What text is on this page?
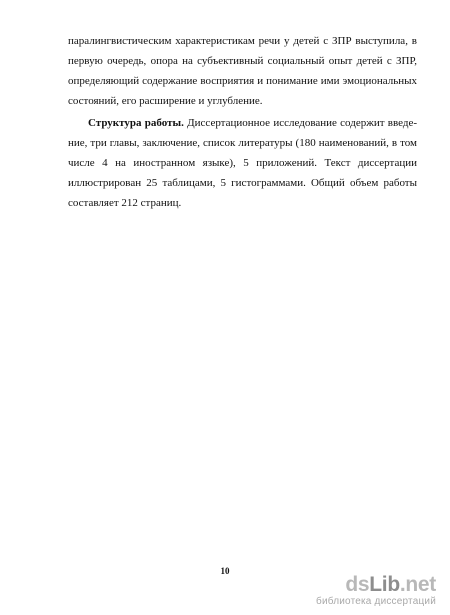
паралингвистическим характеристикам речи у детей с ЗПР выступила, в
первую очередь, опора на субъективный социальный опыт детей с ЗПР,
определяющий содержание восприятия и понимание ими эмоциональных
состояний, его расширение и углубление.
Структура работы. Диссертационное исследование содержит введе-
ние, три главы, заключение, список литературы (180 наименований, в том
числе 4 на иностранном языке), 5 приложений. Текст диссертации
иллюстрирован 25 таблицами, 5 гистограммами. Общий объем работы
составляет 212 страниц.
10
dsLib.net
библиотека диссертаций
